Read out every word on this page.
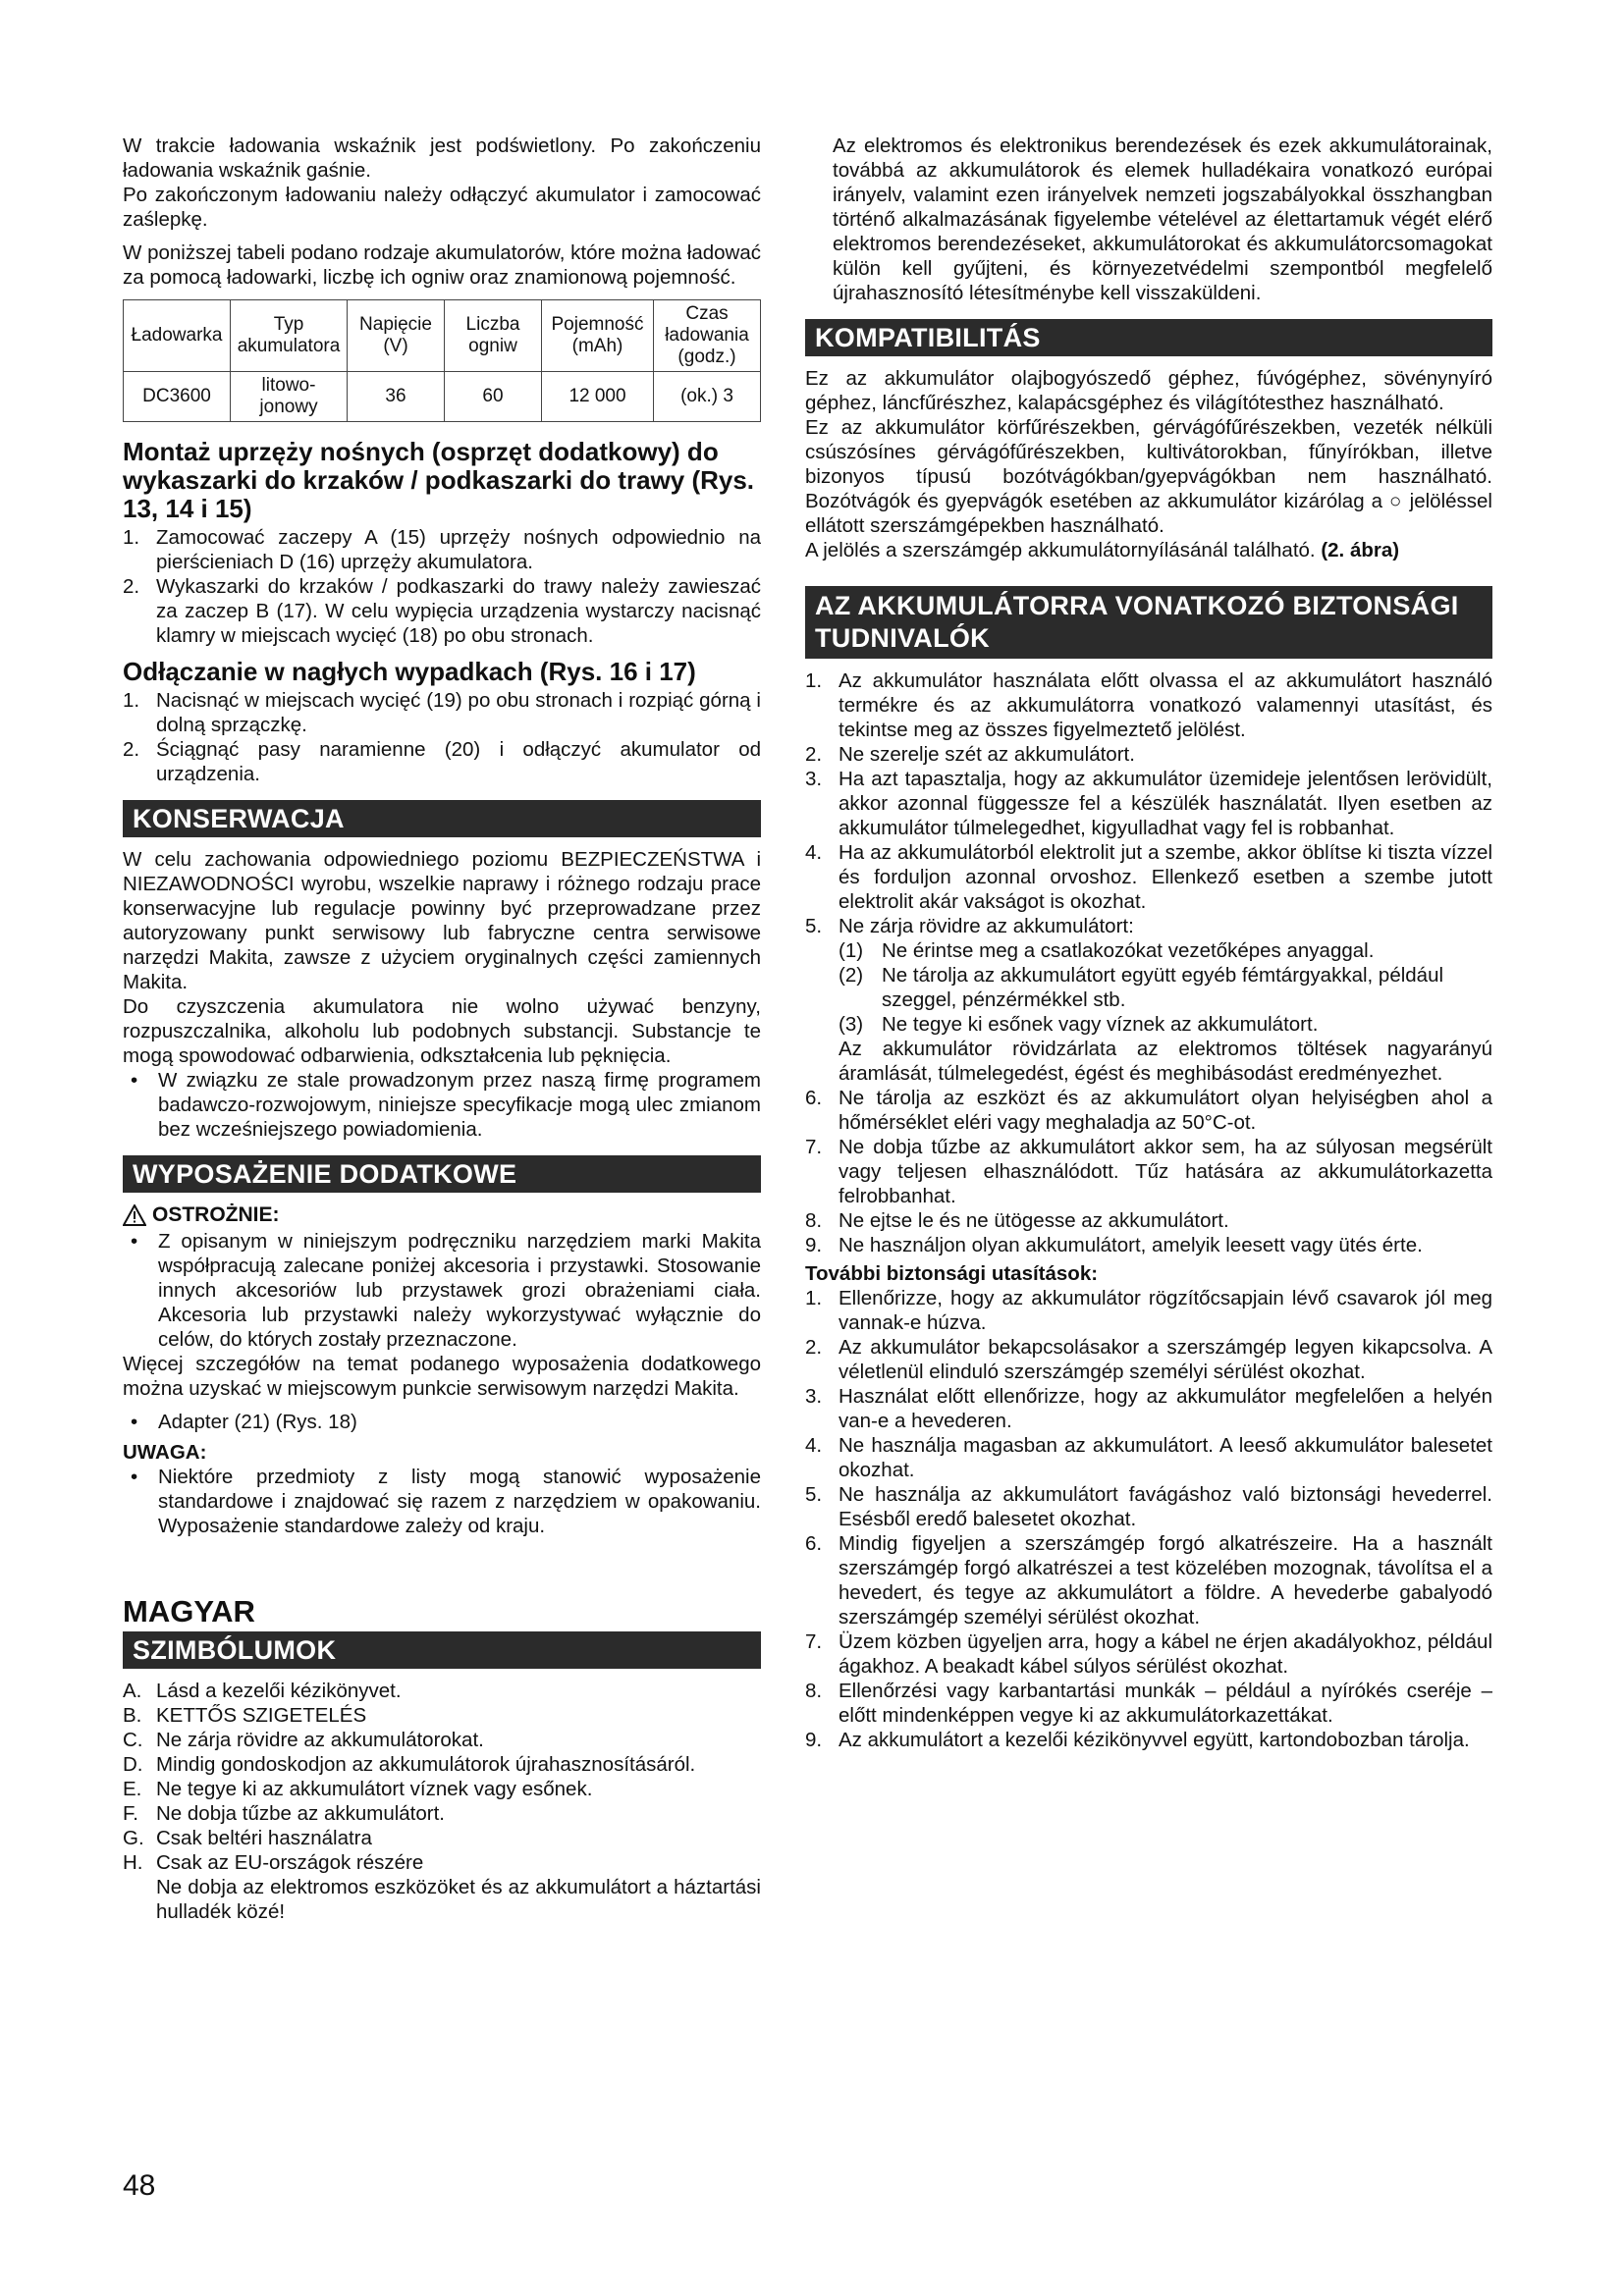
W trakcie ładowania wskaźnik jest podświetlony. Po zakończeniu ładowania wskaźnik gaśnie.

Po zakończonym ładowaniu należy odłączyć akumulator i zamocować zaślepkę.

W poniższej tabeli podano rodzaje akumulatorów, które można ładować za pomocą ładowarki, liczbę ich ogniw oraz znamionową pojemność.

Ładowarka	Typ akumulatora	Napięcie (V)	Liczba ogniw	Pojemność (mAh)	Czas ładowania (godz.)
DC3600	litowo-jonowy	36	60	12 000	(ok.) 3
Montaż uprzęży nośnych (osprzęt dodatkowy) do wykaszarki do krzaków / podkaszarki do trawy (Rys. 13, 14 i 15)
1. Zamocować zaczepy A (15) uprzęży nośnych odpowiednio na pierścieniach D (16) uprzęży akumulatora.
2. Wykaszarki do krzaków / podkaszarki do trawy należy zawieszać za zaczep B (17). W celu wypięcia urządzenia wystarczy nacisnąć klamry w miejscach wycięć (18) po obu stronach.
Odłączanie w nagłych wypadkach (Rys. 16 i 17)
1. Nacisnąć w miejscach wycięć (19) po obu stronach i rozpiąć górną i dolną sprzączkę.
2. Ściągnąć pasy naramienne (20) i odłączyć akumulator od urządzenia.
KONSERWACJA

W celu zachowania odpowiedniego poziomu BEZPIECZEŃSTWA i NIEZAWODNOŚCI wyrobu, wszelkie naprawy i różnego rodzaju prace konserwacyjne lub regulacje powinny być przeprowadzane przez autoryzowany punkt serwisowy lub fabryczne centra serwisowe narzędzi Makita, zawsze z użyciem oryginalnych części zamiennych Makita.

Do czyszczenia akumulatora nie wolno używać benzyny, rozpuszczalnika, alkoholu lub podobnych substancji. Substancje te mogą spowodować odbarwienia, odkształcenia lub pęknięcia.

•	W związku ze stale prowadzonym przez naszą firmę programem badawczo-rozwojowym, niniejsze specyfikacje mogą ulec zmianom bez wcześniejszego powiadomienia.
WYPOSAŻENIE DODATKOWE
OSTROŻNIE:
•	Z opisanym w niniejszym podręczniku narzędziem marki Makita współpracują zalecane poniżej akcesoria i przystawki. Stosowanie innych akcesoriów lub przystawek grozi obrażeniami ciała. Akcesoria lub przystawki należy wykorzystywać wyłącznie do celów, do których zostały przeznaczone.

Więcej szczegółów na temat podanego wyposażenia dodatkowego można uzyskać w miejscowym punkcie serwisowym narzędzi Makita.

•	Adapter (21) (Rys. 18)
UWAGA:
•	Niektóre przedmioty z listy mogą stanowić wyposażenie standardowe i znajdować się razem z narzędziem w opakowaniu. Wyposażenie standardowe zależy od kraju.
MAGYAR
SZIMBÓLUMOK
A. Lásd a kezelői kézikönyvet.
B. KETTŐS SZIGETELÉS
C. Ne zárja rövidre az akkumulátorokat.
D. Mindig gondoskodjon az akkumulátorok újrahasznosításáról.
E. Ne tegye ki az akkumulátort víznek vagy esőnek.
F. Ne dobja tűzbe az akkumulátort.
G. Csak beltéri használatra
H. Csak az EU-országok részére
Ne dobja az elektromos eszközöket és az akkumulátort a háztartási hulladék közé!

Az elektromos és elektronikus berendezések és ezek akkumulátorainak, továbbá az akkumulátorok és elemek hulladékaira vonatkozó európai irányelv, valamint ezen irányelvek nemzeti jogszabályokkal összhangban történő alkalmazásának figyelembe vételével az élettartamuk végét elérő elektromos berendezéseket, akkumulátorokat és akkumulátorcsomagokat külön kell gyűjteni, és környezetvédelmi szempontból megfelelő újrahasznosító létesítménybe kell visszaküldeni.

KOMPATIBILITÁS

Ez az akkumulátor olajbogyószedő géphez, fúvógéphez, sövénynyíró géphez, láncfűrészhez, kalapácsgéphez és világítótesthez használható.

Ez az akkumulátor körfűrészekben, gérvágófűrészekben, vezeték nélküli csúszósínes gérvágófűrészekben, kultivátorokban, fűnyírókban, illetve bizonyos típusú bozótvágókban/gyepvágókban nem használható. Bozótvágók és gyepvágók esetében az akkumulátor kizárólag a ○ jelöléssel ellátott szerszámgépekben használható.

A jelölés a szerszámgép akkumulátornyílásánál található. (2. ábra)

AZ AKKUMULÁTORRA VONATKOZÓ BIZTONSÁGI TUDNIVALÓK
1. Az akkumulátor használata előtt olvassa el az akkumulátort használó termékre és az akkumulátorra vonatkozó valamennyi utasítást, és tekintse meg az összes figyelmeztető jelölést.
2. Ne szerelje szét az akkumulátort.
3. Ha azt tapasztalja, hogy az akkumulátor üzemideje jelentősen lerövidült, akkor azonnal függessze fel a készülék használatát. Ilyen esetben az akkumulátor túlmelegedhet, kigyulladhat vagy fel is robbanhat.
4. Ha az akkumulátorból elektrolit jut a szembe, akkor öblítse ki tiszta vízzel és forduljon azonnal orvoshoz. Ellenkező esetben a szembe jutott elektrolit akár vakságot is okozhat.
5. Ne zárja rövidre az akkumulátort:
(1) Ne érintse meg a csatlakozókat vezetőképes anyaggal.
(2) Ne tárolja az akkumulátort együtt egyéb fémtárgyakkal, például szeggel, pénzérmékkel stb.
(3) Ne tegye ki esőnek vagy víznek az akkumulátort.

Az akkumulátor rövidzárlata az elektromos töltések nagyarányú áramlását, túlmelegedést, égést és meghibásodást eredményezhet.

6. Ne tárolja az eszközt és az akkumulátort olyan helyiségben ahol a hőmérséklet eléri vagy meghaladja az 50°C-ot.
7. Ne dobja tűzbe az akkumulátort akkor sem, ha az súlyosan megsérült vagy teljesen elhasználódott. Tűz hatására az akkumulátorkazetta felrobbanhat.
8. Ne ejtse le és ne ütögesse az akkumulátort.
9. Ne használjon olyan akkumulátort, amelyik leesett vagy ütés érte.
További biztonsági utasítások:
1. Ellenőrizze, hogy az akkumulátor rögzítőcsapjain lévő csavarok jól meg vannak-e húzva.
2. Az akkumulátor bekapcsolásakor a szerszámgép legyen kikapcsolva. A véletlenül elinduló szerszámgép személyi sérülést okozhat.
3. Használat előtt ellenőrizze, hogy az akkumulátor megfelelően a helyén van-e a hevederen.
4. Ne használja magasban az akkumulátort. A leeső akkumulátor balesetet okozhat.
5. Ne használja az akkumulátort favágáshoz való biztonsági hevederrel. Esésből eredő balesetet okozhat.
6. Mindig figyeljen a szerszámgép forgó alkatrészeire. Ha a használt szerszámgép forgó alkatrészei a test közelében mozognak, távolítsa el a hevedert, és tegye az akkumulátort a földre. A hevederbe gabalyodó szerszámgép személyi sérülést okozhat.
7. Üzem közben ügyeljen arra, hogy a kábel ne érjen akadályokhoz, például ágakhoz. A beakadt kábel súlyos sérülést okozhat.
8. Ellenőrzési vagy karbantartási munkák – például a nyírókés cseréje – előtt mindenképpen vegye ki az akkumulátorkazettákat.
9. Az akkumulátort a kezelői kézikönyvvel együtt, kartondobozban tárolja.
48
